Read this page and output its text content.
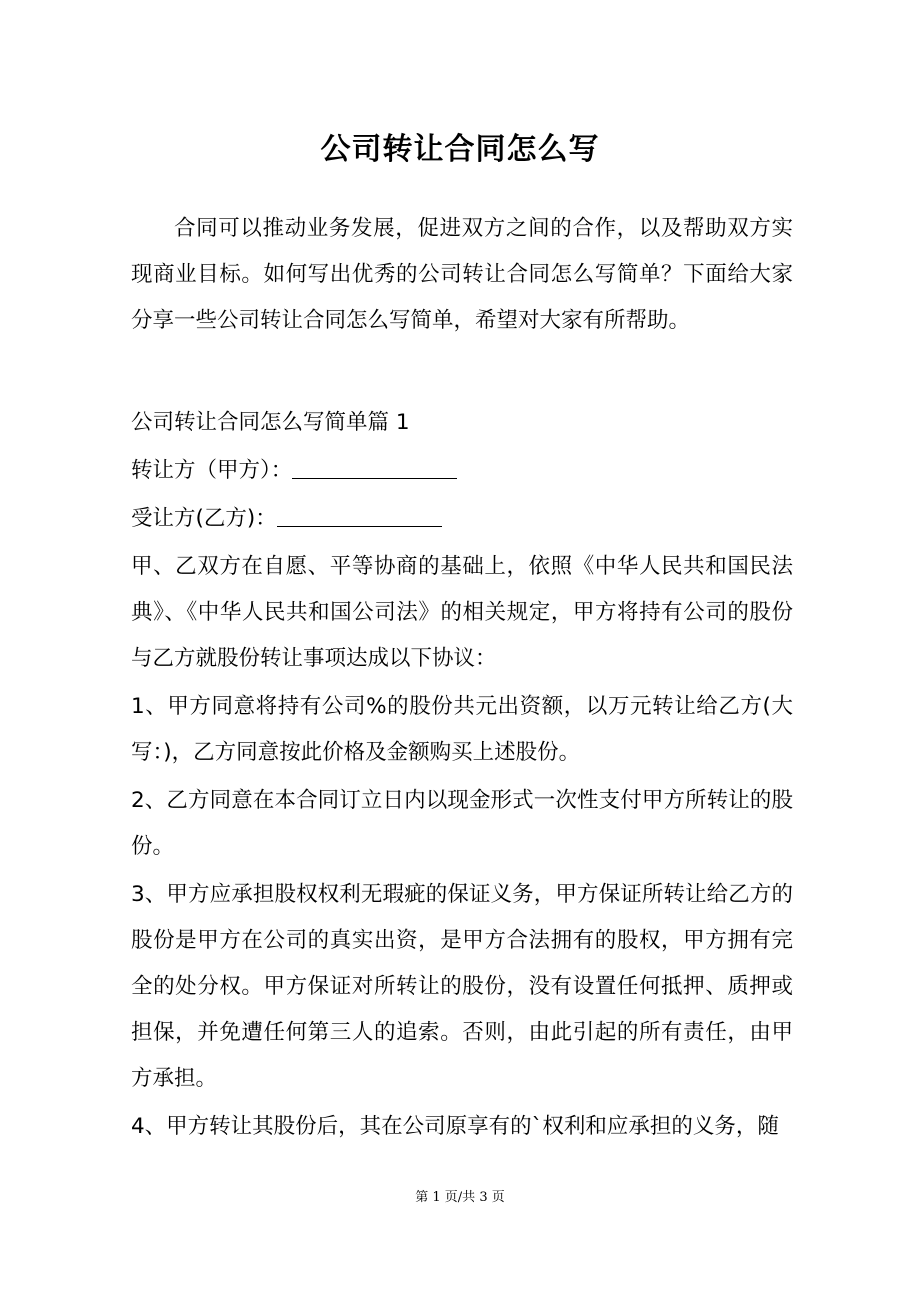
公司转让合同怎么写

合同可以推动业务发展，促进双方之间的合作，以及帮助双方实现商业目标。如何写出优秀的公司转让合同怎么写简单？下面给大家分享一些公司转让合同怎么写简单，希望对大家有所帮助。

公司转让合同怎么写简单篇 1

转让方（甲方）：

受让方(乙方)：

甲、乙双方在自愿、平等协商的基础上，依照《中华人民共和国民法典》、《中华人民共和国公司法》的相关规定，甲方将持有公司的股份与乙方就股份转让事项达成以下协议：

1、甲方同意将持有公司%的股份共元出资额，以万元转让给乙方(大写：)，乙方同意按此价格及金额购买上述股份。

2、乙方同意在本合同订立日内以现金形式一次性支付甲方所转让的股份。

3、甲方应承担股权权利无瑕疵的保证义务，甲方保证所转让给乙方的股份是甲方在公司的真实出资，是甲方合法拥有的股权，甲方拥有完全的处分权。甲方保证对所转让的股份，没有设置任何抵押、质押或担保，并免遭任何第三人的追索。否则，由此引起的所有责任，由甲方承担。

4、甲方转让其股份后，其在公司原享有的`权利和应承担的义务，随

第 1 页/共 3 页
